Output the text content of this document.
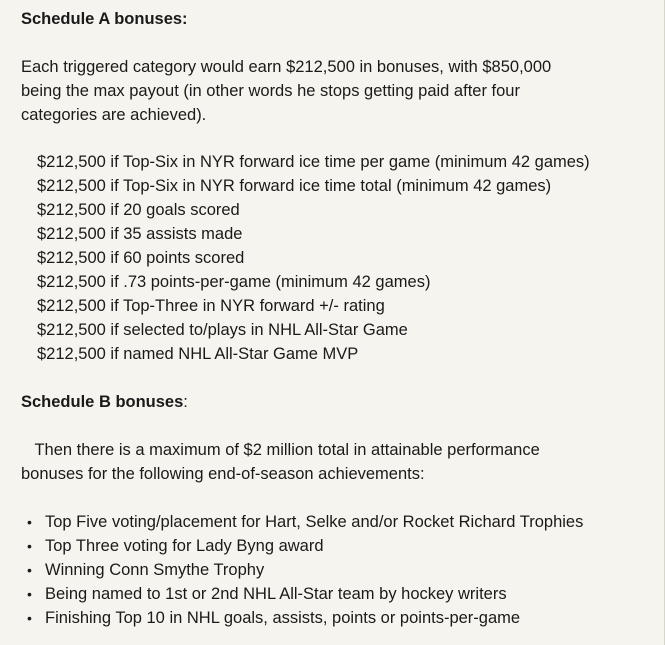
Schedule A bonuses:
Each triggered category would earn $212,500 in bonuses, with $850,000
being the max payout (in other words he stops getting paid after four
categories are achieved).
$212,500 if Top-Six in NYR forward ice time per game (minimum 42 games)
$212,500 if Top-Six in NYR forward ice time total (minimum 42 games)
$212,500 if 20 goals scored
$212,500 if 35 assists made
$212,500 if 60 points scored
$212,500 if .73 points-per-game (minimum 42 games)
$212,500 if Top-Three in NYR forward +/- rating
$212,500 if selected to/plays in NHL All-Star Game
$212,500 if named NHL All-Star Game MVP
Schedule B bonuses:
Then there is a maximum of $2 million total in attainable performance
bonuses for the following end-of-season achievements:
• Top Five voting/placement for Hart, Selke and/or Rocket Richard Trophies
• Top Three voting for Lady Byng award
• Winning Conn Smythe Trophy
• Being named to 1st or 2nd NHL All-Star team by hockey writers
• Finishing Top 10 in NHL goals, assists, points or points-per-game
